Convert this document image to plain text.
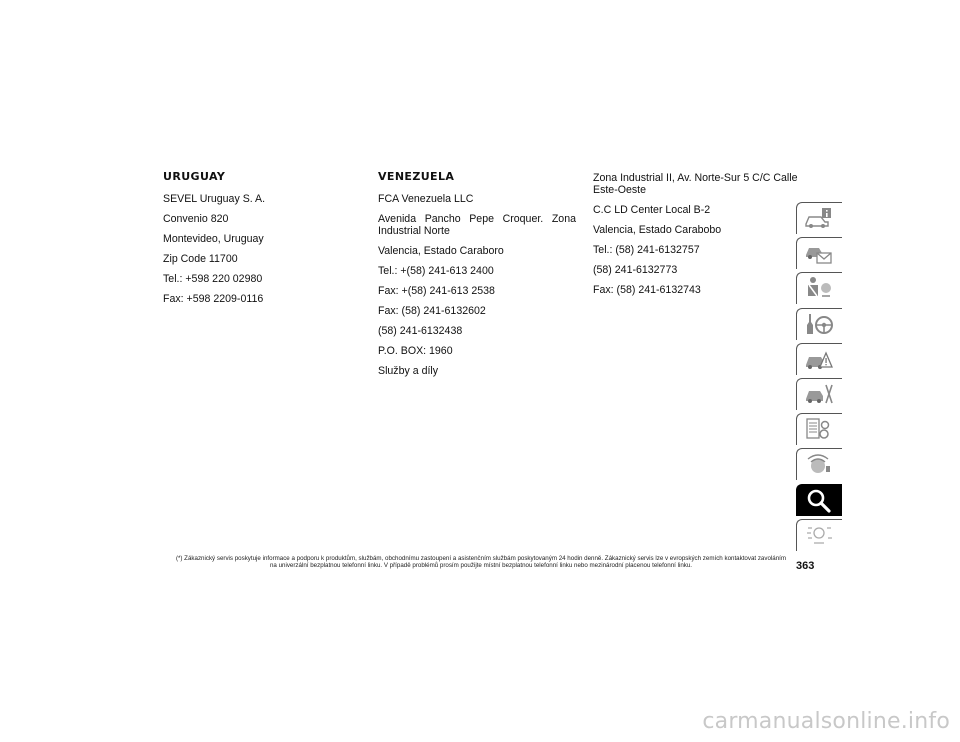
URUGUAY

SEVEL Uruguay S. A.

Convenio 820

Montevideo, Uruguay

Zip Code 11700

Tel.: +598 220 02980

Fax: +598 2209-0116

VENEZUELA

FCA Venezuela LLC

Avenida Pancho Pepe Croquer. Zona Industrial Norte

Valencia, Estado Caraboro

Tel.: +(58) 241-613 2400

Fax: +(58) 241-613 2538

Fax: (58) 241-6132602

(58) 241-6132438

P.O. BOX: 1960

Služby a díly

Zona Industrial II, Av. Norte-Sur 5 C/C Calle Este-Oeste

C.C LD Center Local B-2

Valencia, Estado Carabobo

Tel.: (58) 241-6132757

(58) 241-6132773

Fax: (58) 241-6132743

(*) Zákaznický servis poskytuje informace a podporu k produktům, službám, obchodnímu zastoupení a asistenčním službám poskytovaným 24 hodin denně. Zákaznický servis lze v evropských zemích kontaktovat zavoláním na univerzální bezplatnou telefonní linku. V případě problémů prosím použijte místní bezplatnou telefonní linku nebo mezinárodní placenou telefonní linku.	363
carmanualsonline.info
